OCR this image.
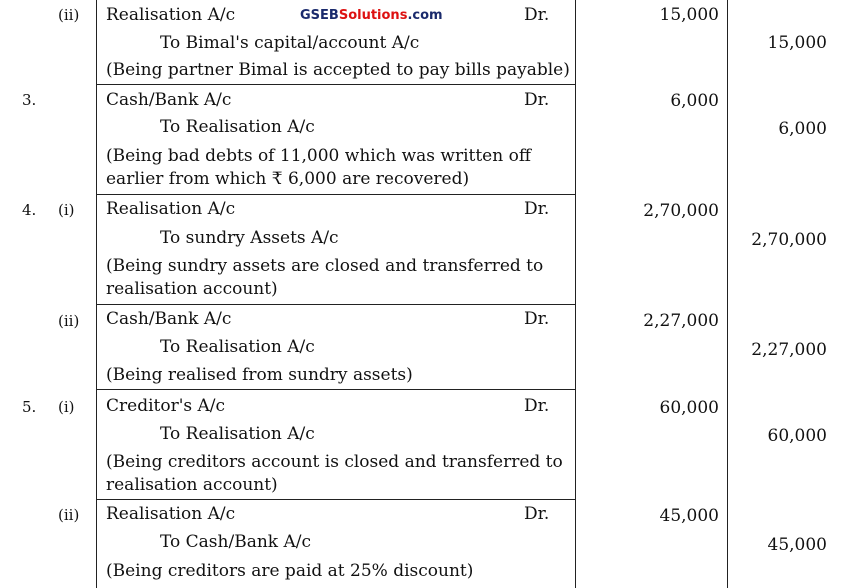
GSEBSolutions.com
(ii) Realisation A/c	Dr.	15,000
To Bimal's capital/account A/c	15,000
(Being partner Bimal is accepted to pay bills payable)
3.	Cash/Bank A/c	Dr.	6,000
To Realisation A/c	6,000
(Being bad debts of 11,000 which was written off
earlier from which ₹ 6,000 are recovered)
4. (i) Realisation A/c	Dr.	2,70,000
To sundry Assets A/c	2,70,000
(Being sundry assets are closed and transferred to
realisation account)
(ii) Cash/Bank A/c	Dr.	2,27,000
To Realisation A/c	2,27,000
(Being realised from sundry assets)
5. (i) Creditor's A/c	Dr.	60,000
To Realisation A/c	60,000
(Being creditors account is closed and transferred to
realisation account)
(ii) Realisation A/c	Dr.	45,000
To Cash/Bank A/c	45,000
(Being creditors are paid at 25% discount)
